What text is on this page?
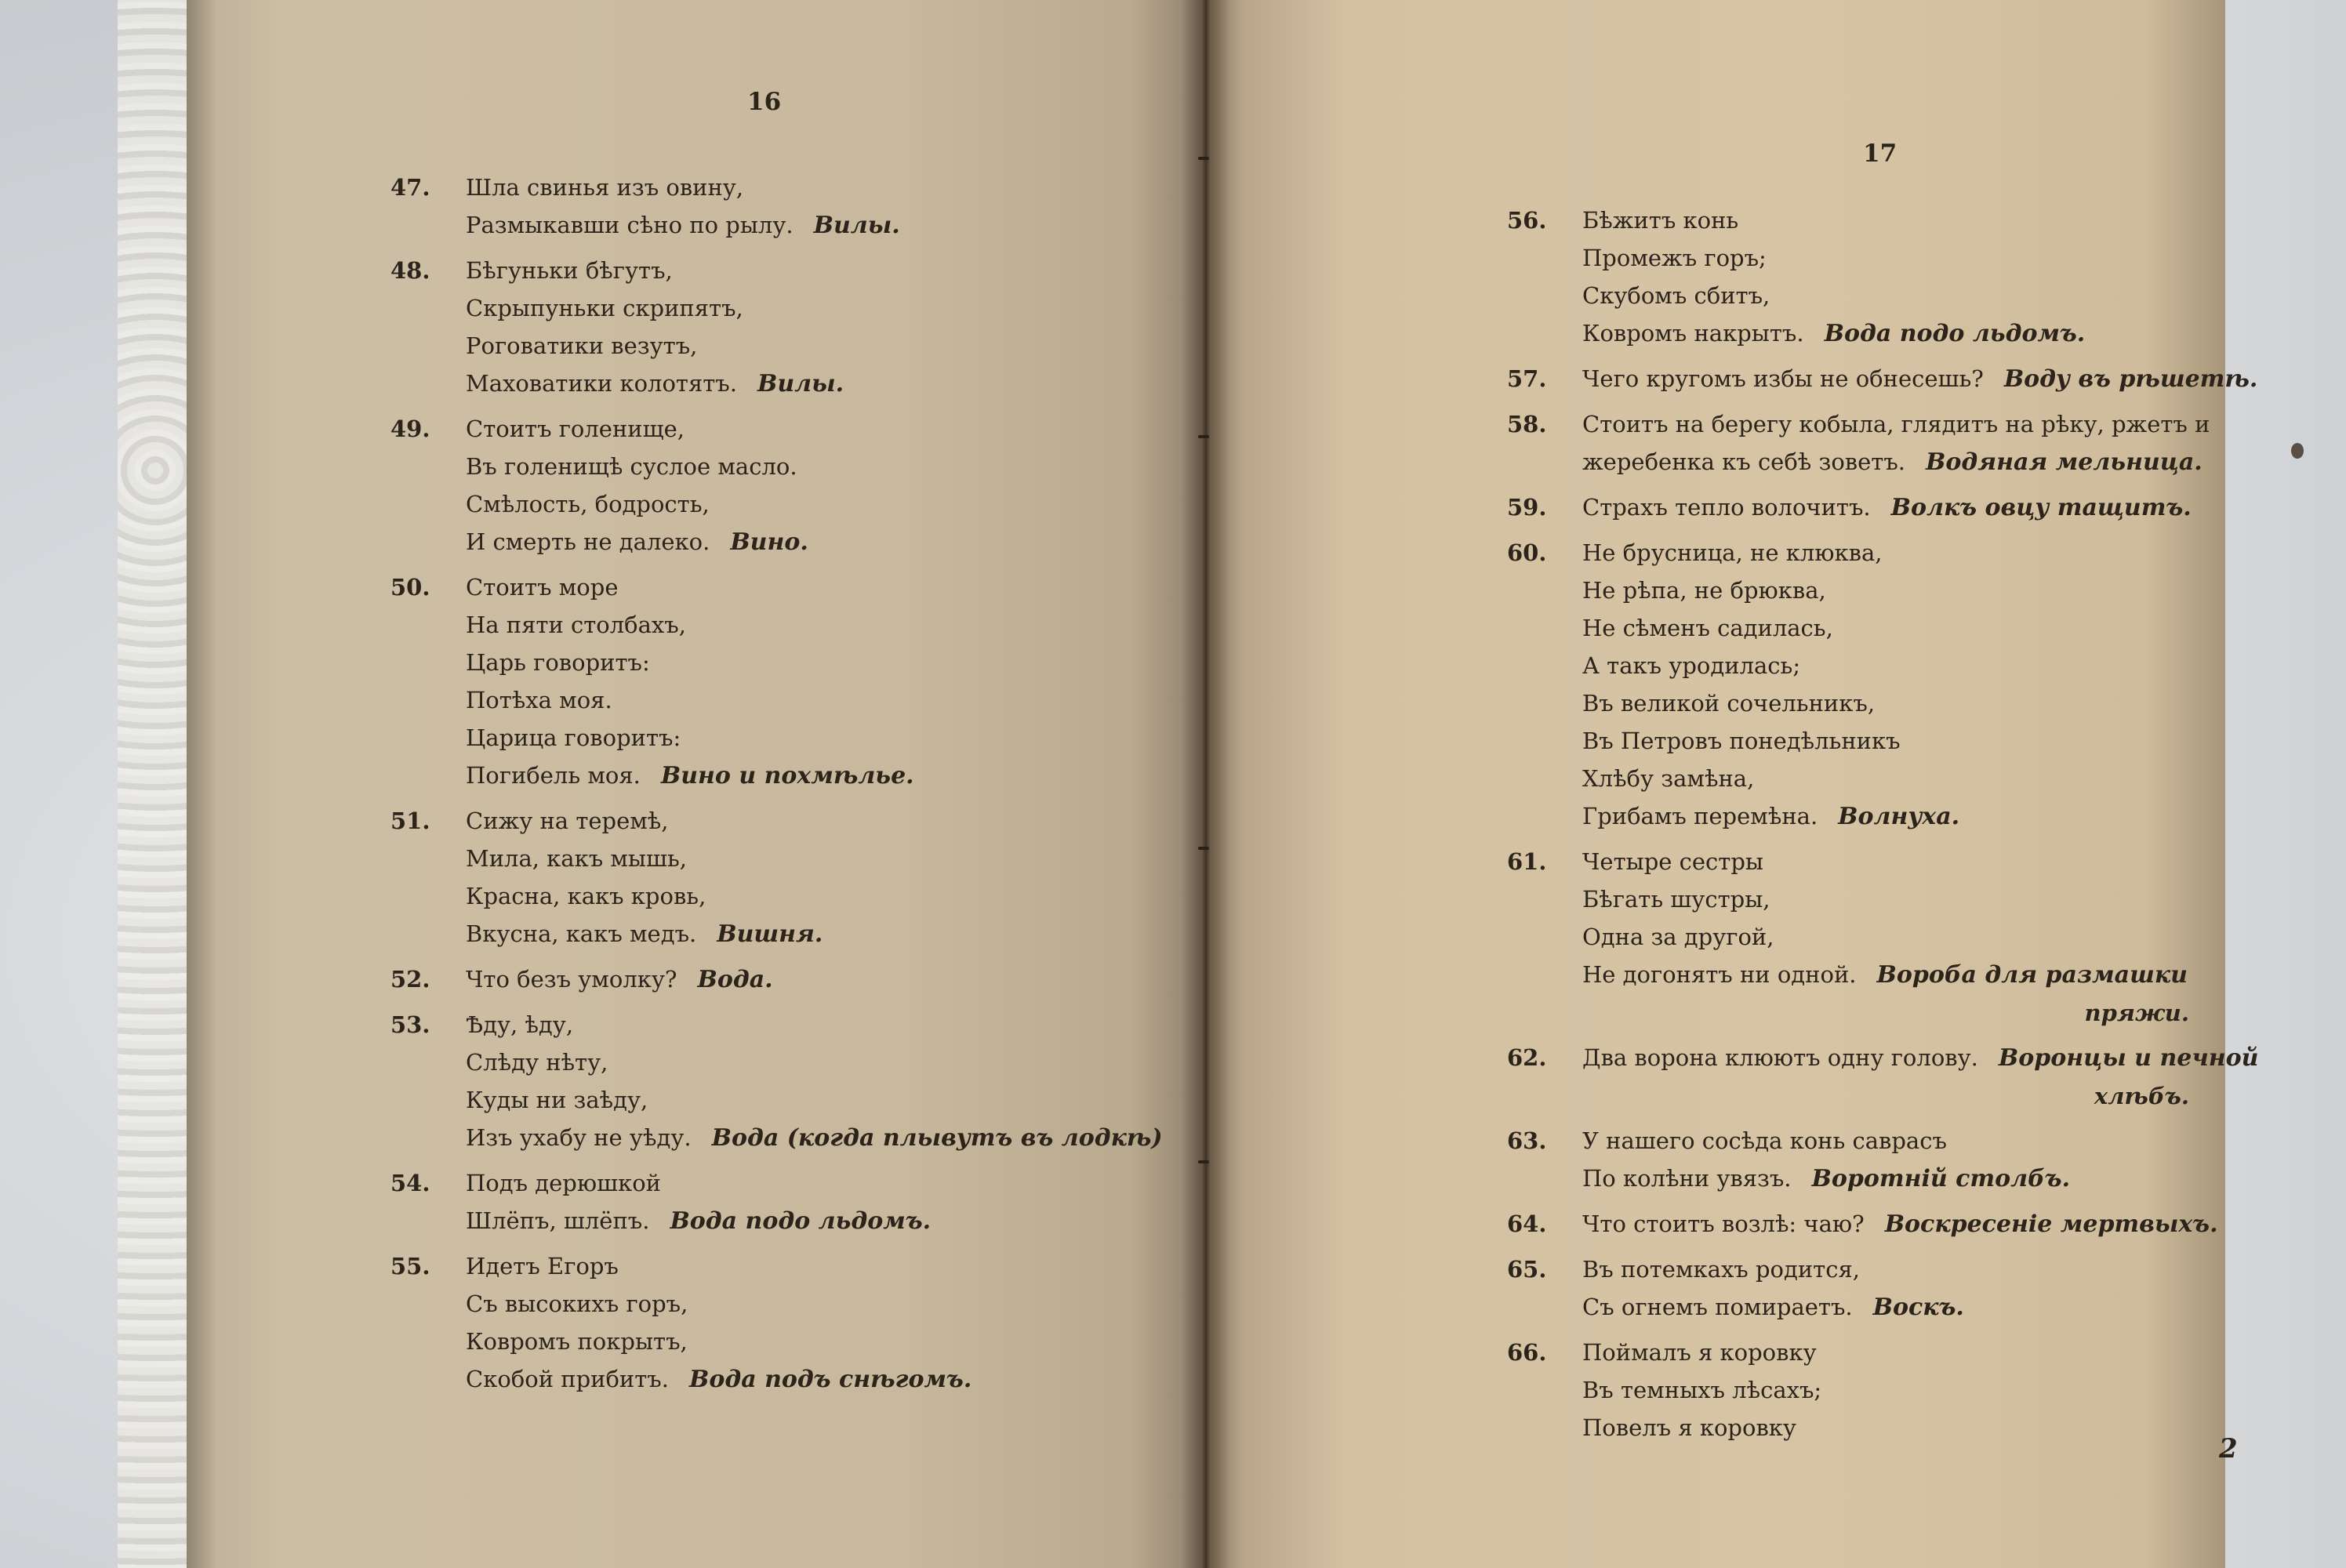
16
47. Шла свинья изъ овину,
Размыкавши сѣно по рылу. Вилы.
48. Бѣгуньки бѣгутъ,
Скрыпуньки скрипятъ,
Роговатики везутъ,
Маховатики колотятъ. Вилы.
49. Стоитъ голенище,
Въ голенищѣ суслое масло.
Смѣлость, бодрость,
И смерть не далеко. Вино.
50. Стоитъ море
На пяти столбахъ,
Царь говоритъ:
Потѣха моя.
Царица говоритъ:
Погибель моя. Вино и похмѣлье.
51. Сижу на теремѣ,
Мила, какъ мышь,
Красна, какъ кровь,
Вкусна, какъ медъ. Вишня.
52. Что безъ умолку? Вода.
53. Ѣду, ѣду,
Слѣду нѣту,
Куды ни заѣду,
Изъ ухабу не уѣду. Вода (когда плывутъ въ лодкѣ)
54. Подъ дерюшкой
Шлёпъ, шлёпъ. Вода подо льдомъ.
55. Идетъ Егоръ
Съ высокихъ горъ,
Ковромъ покрытъ,
Скобой прибитъ. Вода подъ снѣгомъ.
17
56. Бѣжитъ конь
Промежъ горъ;
Скубомъ сбитъ,
Ковромъ накрытъ. Вода подо льдомъ.
57. Чего кругомъ избы не обнесешь? Воду въ рѣшетѣ.
58. Стоитъ на берегу кобыла, глядитъ на рѣку, ржетъ и
жеребенка къ себѣ зоветъ. Водяная мельница.
59. Страхъ тепло волочитъ. Волкъ овцу тащитъ.
60. Не брусница, не клюква,
Не рѣпа, не брюква,
Не сѣменъ садилась,
А такъ уродилась;
Въ великой сочельникъ,
Въ Петровъ понедѣльникъ
Хлѣбу замѣна,
Грибамъ перемѣна. Волнуха.
61. Четыре сестры
Бѣгать шустры,
Одна за другой,
Не догонятъ ни одной. Вороба для размашки
пряжи.
62. Два ворона клюютъ одну голову. Воронцы и печной
хлѣбъ.
63. У нашего сосѣда конь саврасъ
По колѣни увязъ. Воротній столбъ.
64. Что стоитъ возлѣ: чаю? Воскресеніе мертвыхъ.
65. Въ потемкахъ родится,
Съ огнемъ помираетъ. Воскъ.
66. Поймалъ я коровку
Въ темныхъ лѣсахъ;
Повелъ я коровку
2
